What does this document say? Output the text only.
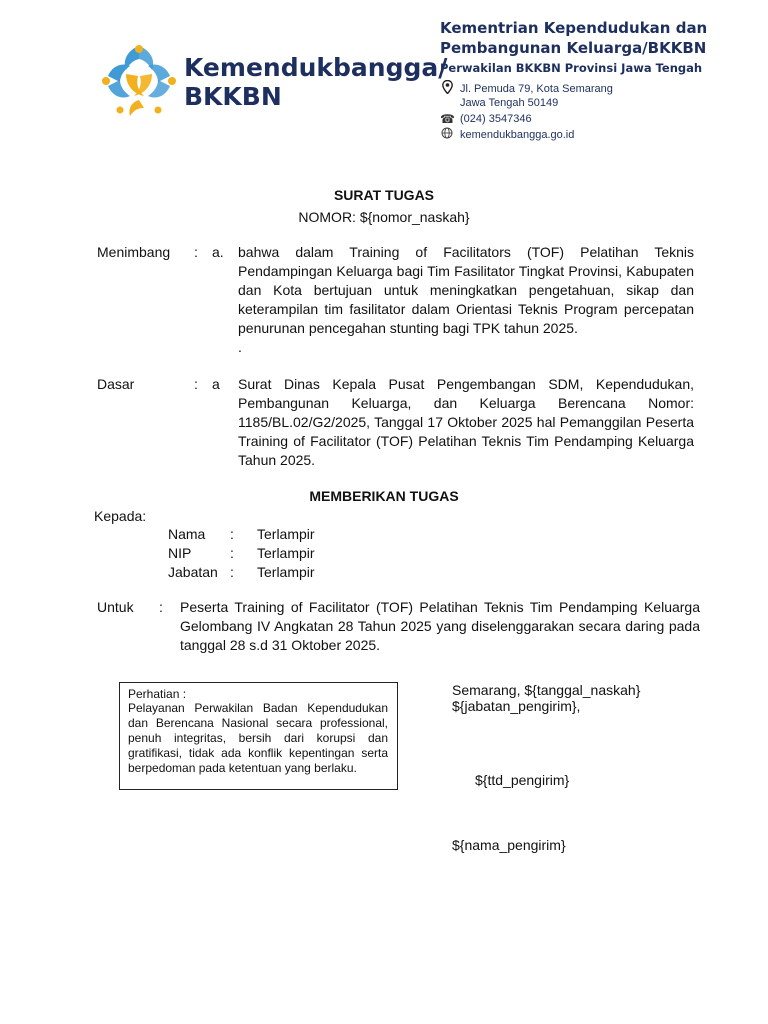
Kemendukbangga/
BKKBN
Kementrian Kependudukan dan
Pembangunan Keluarga/BKKBN
Perwakilan BKKBN Provinsi Jawa Tengah
Jl. Pemuda 79, Kota Semarang
Jawa Tengah 50149
☎ (024) 3547346
kemendukbangga.go.id
SURAT TUGAS
NOMOR: ${nomor_naskah}
Menimbang : a. bahwa dalam Training of Facilitators (TOF) Pelatihan Teknis Pendampingan Keluarga bagi Tim Fasilitator Tingkat Provinsi, Kabupaten dan Kota bertujuan untuk meningkatkan pengetahuan, sikap dan keterampilan tim fasilitator dalam Orientasi Teknis Program percepatan penurunan pencegahan stunting bagi TPK tahun 2025.
.
Dasar	: a Surat Dinas Kepala Pusat Pengembangan SDM, Kependudukan, Pembangunan Keluarga, dan Keluarga Berencana Nomor: 1185/BL.02/G2/2025, Tanggal 17 Oktober 2025 hal Pemanggilan Peserta Training of Facilitator (TOF) Pelatihan Teknis Tim Pendamping Keluarga Tahun 2025.
MEMBERIKAN TUGAS
Kepada:
Nama : Terlampir
NIP	: Terlampir
Jabatan : Terlampir
Untuk : Peserta Training of Facilitator (TOF) Pelatihan Teknis Tim Pendamping Keluarga Gelombang IV Angkatan 28 Tahun 2025 yang diselenggarakan secara daring pada tanggal 28 s.d 31 Oktober 2025.
Perhatian :
Pelayanan Perwakilan Badan Kependudukan dan Berencana Nasional secara professional, penuh integritas, bersih dari korupsi dan gratifikasi, tidak ada konflik kepentingan serta berpedoman pada ketentuan yang berlaku.
Semarang, ${tanggal_naskah}
${jabatan_pengirim},
${ttd_pengirim}
${nama_pengirim}
